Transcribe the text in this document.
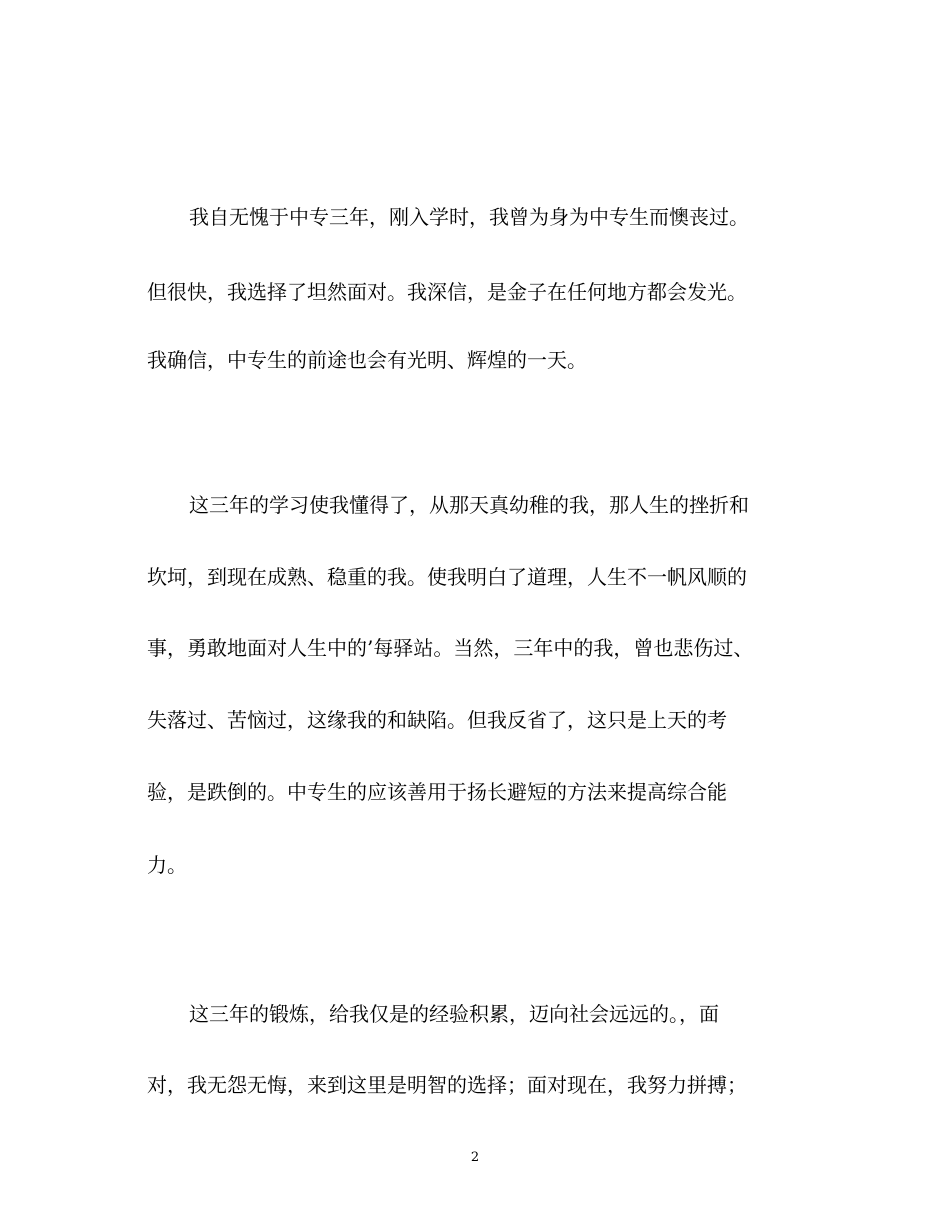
我自无愧于中专三年，刚入学时，我曾为身为中专生而懊丧过。
但很快，我选择了坦然面对。我深信，是金子在任何地方都会发光。
我确信，中专生的前途也会有光明、辉煌的一天。
这三年的学习使我懂得了，从那天真幼稚的我，那人生的挫折和
坎坷，到现在成熟、稳重的我。使我明白了道理，人生不一帆风顺的
事，勇敢地面对人生中的’每驿站。当然，三年中的我，曾也悲伤过、
失落过、苦恼过，这缘我的和缺陷。但我反省了，这只是上天的考
验，是跌倒的。中专生的应该善用于扬长避短的方法来提高综合能
力。
这三年的锻炼，给我仅是的经验积累，迈向社会远远的。，面
对，我无怨无悔，来到这里是明智的选择；面对现在，我努力拼搏；
2
